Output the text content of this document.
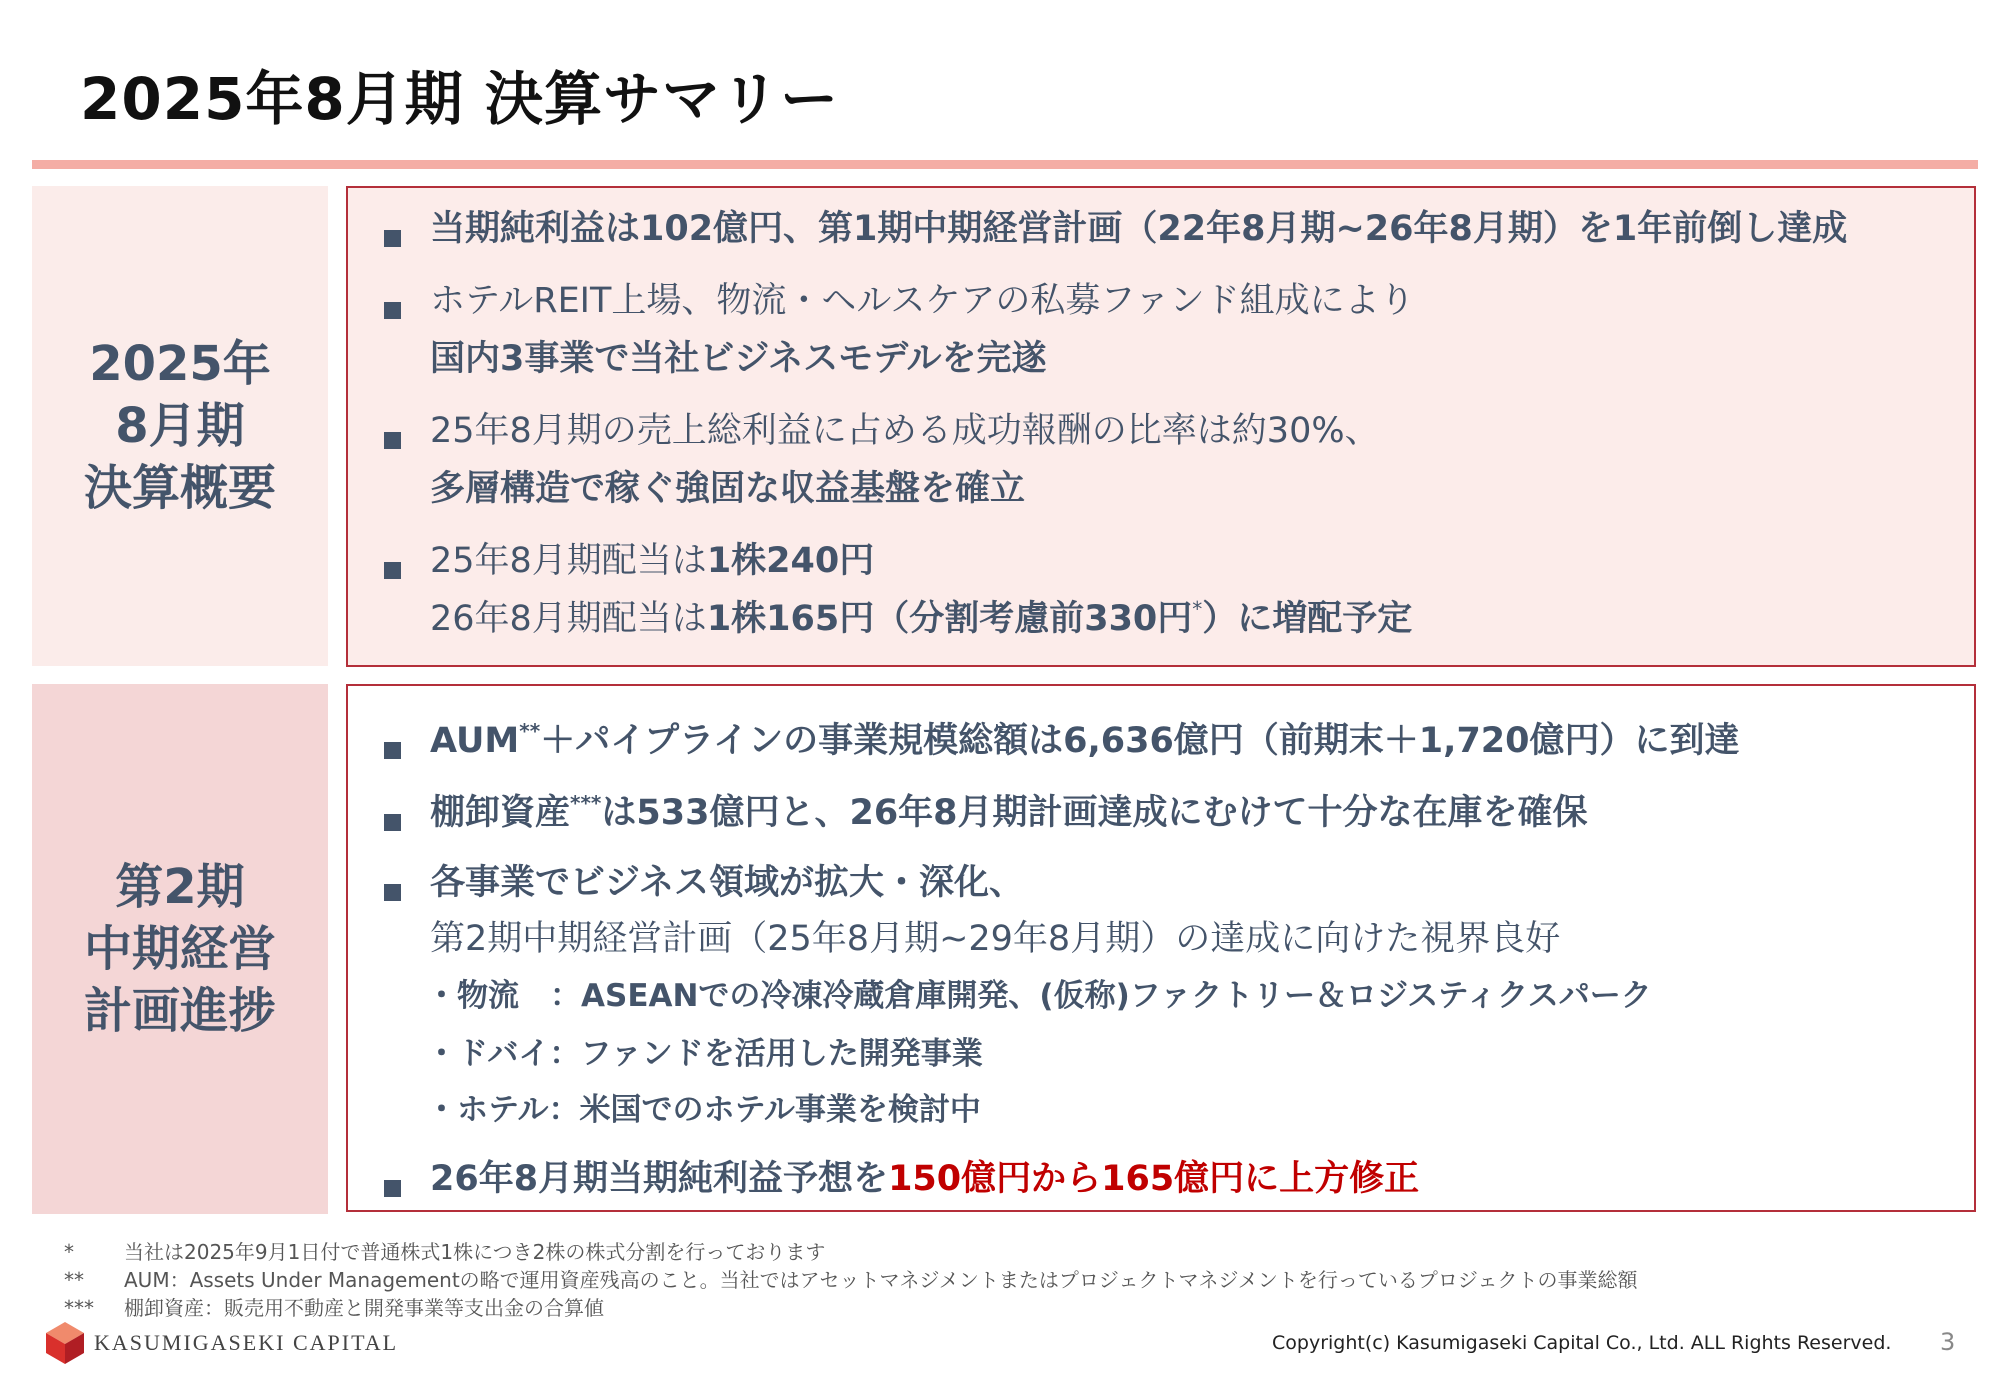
2025年8月期 決算サマリー
2025年
8月期
決算概要
当期純利益は102億円、第1期中期経営計画（22年8月期~26年8月期）を1年前倒し達成
ホテルREIT上場、物流・ヘルスケアの私募ファンド組成により
国内3事業で当社ビジネスモデルを完遂
25年8月期の売上総利益に占める成功報酬の比率は約30%、
多層構造で稼ぐ強固な収益基盤を確立
25年8月期配当は1株240円
26年8月期配当は1株165円（分割考慮前330円*）に増配予定
第2期
中期経営
計画進捗
AUM**＋パイプラインの事業規模総額は6,636億円（前期末＋1,720億円）に到達
棚卸資産***は533億円と、26年8月期計画達成にむけて十分な在庫を確保
各事業でビジネス領域が拡大・深化、
第2期中期経営計画（25年8月期~29年8月期）の達成に向けた視界良好
・物流　：ASEANでの冷凍冷蔵倉庫開発、(仮称)ファクトリー＆ロジスティクスパーク
・ドバイ：ファンドを活用した開発事業
・ホテル：米国でのホテル事業を検討中
26年8月期当期純利益予想を150億円から165億円に上方修正
*	当社は2025年9月1日付で普通株式1株につき2株の株式分割を行っております
** AUM：Assets Under Managementの略で運用資産残高のこと。当社ではアセットマネジメントまたはプロジェクトマネジメントを行っているプロジェクトの事業総額
*** 棚卸資産：販売用不動産と開発事業等支出金の合算値
KASUMIGASEKI CAPITAL	Copyright(c) Kasumigaseki Capital Co., Ltd. ALL Rights Reserved. 3
